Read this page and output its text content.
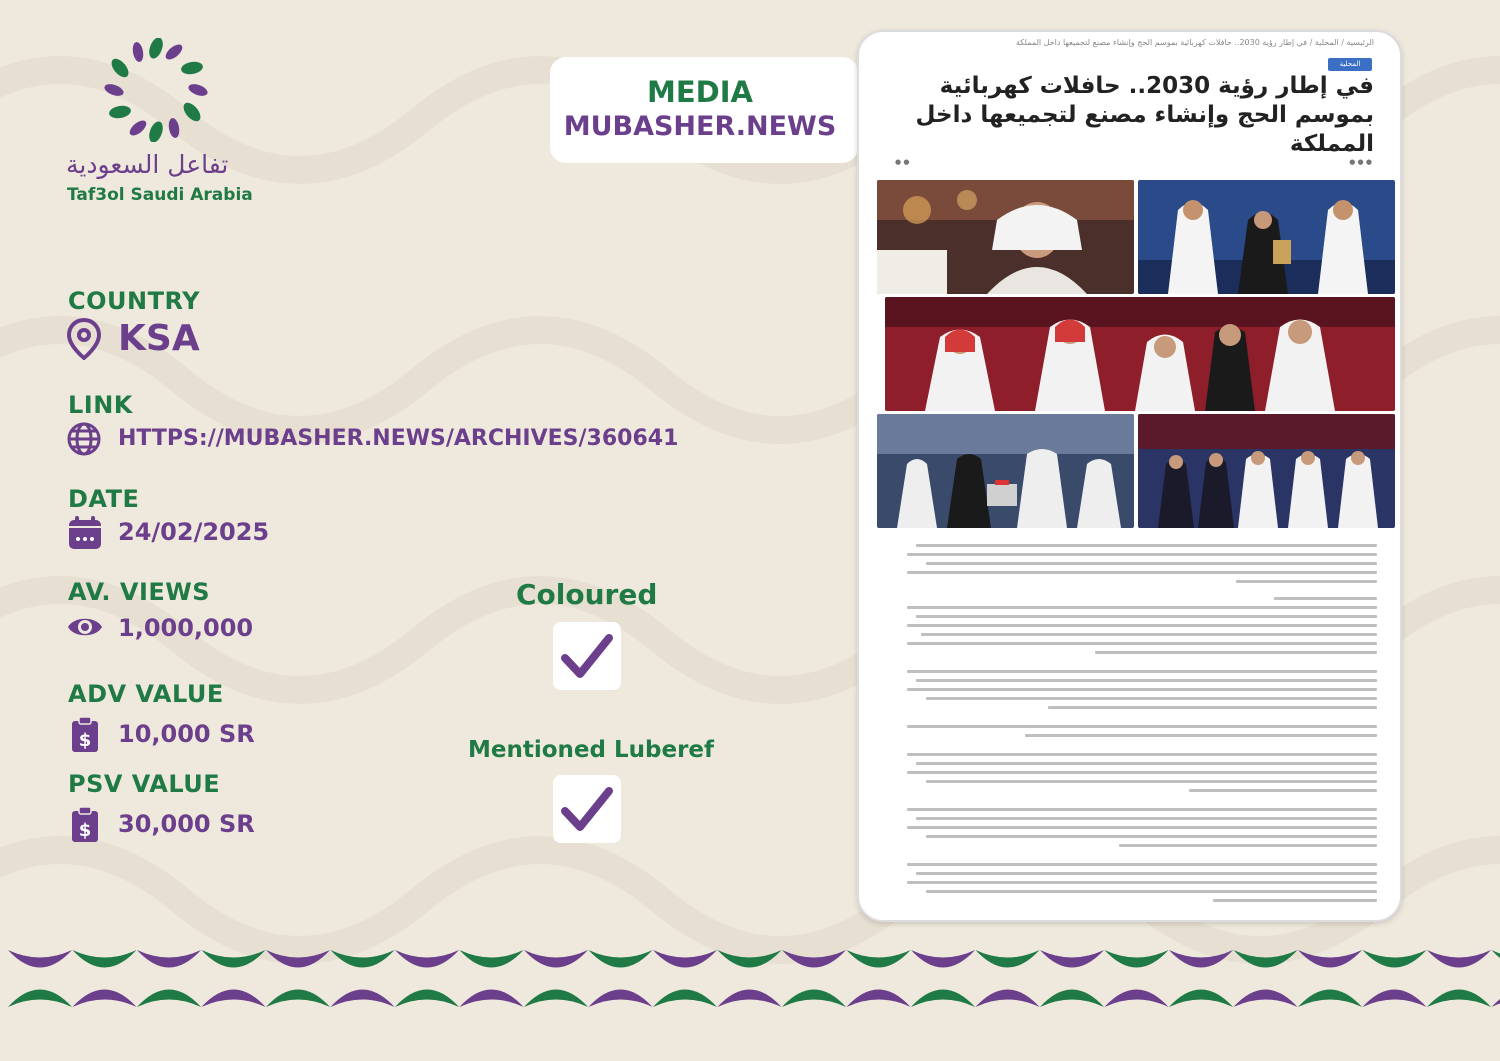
تفاعل السعودية
Taf3ol Saudi Arabia
COUNTRY
KSA
LINK
HTTPS://MUBASHER.NEWS/ARCHIVES/360641
DATE
24/02/2025
AV. VIEWS
1,000,000
ADV VALUE
$ 10,000 SR
PSV VALUE
$ 30,000 SR
MEDIA
MUBASHER.NEWS
Coloured
Mentioned Luberef
الرئيسية / المحلية / في إطار رؤية 2030.. حافلات كهربائية بموسم الحج وإنشاء مصنع لتجميعها داخل المملكة
المحلية
في إطار رؤية 2030.. حافلات كهربائية بموسم الحج وإنشاء مصنع لتجميعها داخل المملكة
● ● ●
● ●
